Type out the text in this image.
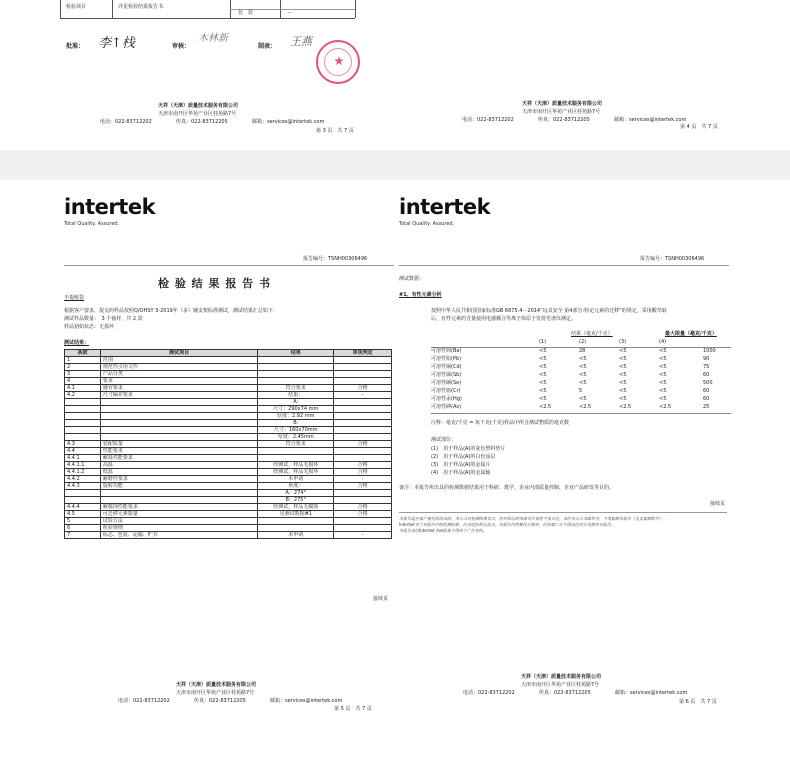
检验项目	详见检验结果报告书
包　装	--
批准： 李↑栈	审核：
木林新
制表： 王燕
天祥（天津）质量技术服务有限公司
天津市南开区华苑产业区桂苑路7号
电话：022-83712202	传真：022-83712205	邮箱：services@intertek.com
第 3 页　共 7 页
天祥（天津）质量技术服务有限公司
天津市南开区华苑产业区桂苑路7号
电话：022-83712202	传真：022-83712205	邮箱：services@intertek.com
第 4 页　共 7 页
intertek
Total Quality. Assured.
报告编号：TSNH00306496
检 验 结 果 报 告 书
手提纸袋
根据客户要求，提交的样品按照Q/OHSY 3-2019年（多）辅支架标准测试，测试结果汇总如下：
测试样品数量：　3 个抽样，共 2 款
样品初始状态：无损坏
测试结果：
条款	测试项目	结果	单项判定
1	范围		
2	规范性引用文件		
3	产品分类		
4	要求		
4.1	感官要求	符合要求	合格
4.2	尺寸偏差要求	结果：	-
		A:	
		尺寸：290x74 mm	
		厚度：2.92 mm	
		B:	
		尺寸：160x70mm	
		厚度：2.45mm	
4.3	装配质量	符合要求	合格
4.4	性能要求		
4.4.1	耐温性能要求		
4.4.1.1	高温	经测试，样品无损坏	合格
4.4.1.2	低温	经测试，样品无损坏	合格
4.4.2	耐磨性要求	未申请	-
4.4.3	旋转功能	角度：	合格
		A：274°	
		B：275°	
4.4.4	耐腐蚀性能要求	经测试，样品无腐蚀	合格
4.5	可迁移元素限量	见测试数据#1	合格
5	试验方法		
6	检验规则		
7	标志、包装、运输、贮存	未申请	-
接续页
天祥（天津）质量技术服务有限公司
天津市南开区华苑产业区桂苑路7号
电话：022-83712202	传真：022-83712205	邮箱：services@intertek.com
第 5 页　共 7 页
intertek
Total Quality. Assured.
报告编号：TSNH00306496
测试数据：
#1、有性元素分析
按照中华人民共和国国家标准GB 6675.4－2014“玩具安全 第4部分:特定元素的迁移”的规定，采用酸萃取
后，有性元素的含量使用电感耦合等离子体原子发射光谱仪测定。
结果（毫克/千克）	最大限量（毫克/千克）
(1)	(2)	(3)	(4)
可溶性钡(Ba)	<5	28	<5	<5	1000
可溶性铅(Pb)	<5	<5	<5	<5	90
可溶性镉(Cd)	<5	<5	<5	<5	75
可溶性锑(Sb)	<5	<5	<5	<5	60
可溶性硒(Se)	<5	<5	<5	<5	500
可溶性铬(Cr)	<5	5	<5	<5	60
可溶性汞(Hg)	<5	<5	<5	<5	60
可溶性砷(As)	<2.5	<2.5	<2.5	<2.5	25
注释：毫克/千克 = 每千克(千克)样品中所含测试物质的毫克数
测试部位：
(1)　用于样品(A)的灰色塑料垫片
(2)　用于样品(A)的白色涂层
(3)　用于样品(A)的金属片
(4)　用于样品(A)的金属轴
备注：本报告所出具的检测数据结果用于科研、教学、企业内部质量控制、企业产品研发等目的。
接续页
本报告是应客户委托而出具的，本公司对检测结果负责，但对样品的来源及代表性不负责任。未经本公司书面许可，不得复制本报告（全文复制除外）。
Intertek对于本报告中的检测结果，仅对送检样品负责。本报告仅供委托方使用，任何第三方不得以任何方式使用本报告。
本报告未经Intertek书面批准不得用于广告宣传。
天祥（天津）质量技术服务有限公司
天津市南开区华苑产业区桂苑路7号
电话：022-83712202	传真：022-83712205	邮箱：services@intertek.com
第 6 页　共 7 页
